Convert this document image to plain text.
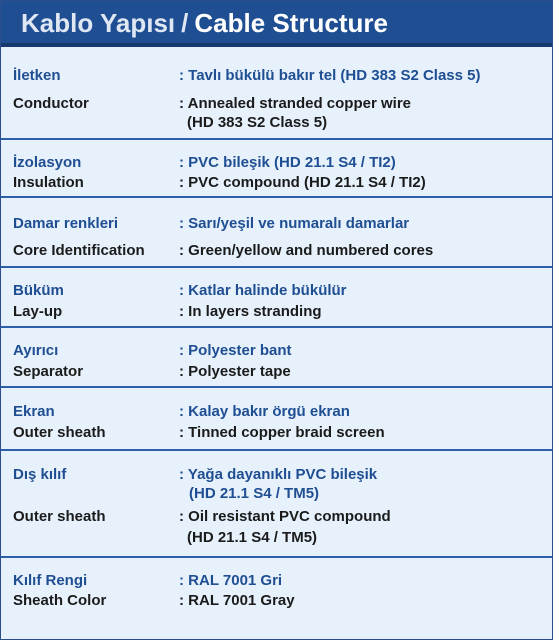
Kablo Yapısı / Cable Structure
İletken	: Tavlı bükülü bakır tel (HD 383 S2 Class 5)
Conductor	: Annealed stranded copper wire
(HD 383 S2 Class 5)
İzolasyon	: PVC bileşik (HD 21.1 S4 / TI2)
Insulation	: PVC compound (HD 21.1 S4 / TI2)
Damar renkleri	: Sarı/yeşil ve numaralı damarlar
Core Identification : Green/yellow and numbered cores
Büküm	: Katlar halinde bükülür
Lay-up	: In layers stranding
Ayırıcı	: Polyester bant
Separator	: Polyester tape
Ekran	: Kalay bakır örgü ekran
Outer sheath	: Tinned copper braid screen
Dış kılıf	: Yağa dayanıklı PVC bileşik
(HD 21.1 S4 / TM5)
Outer sheath	: Oil resistant PVC compound
(HD 21.1 S4 / TM5)
Kılıf Rengi	: RAL 7001 Gri
Sheath Color	: RAL 7001 Gray
